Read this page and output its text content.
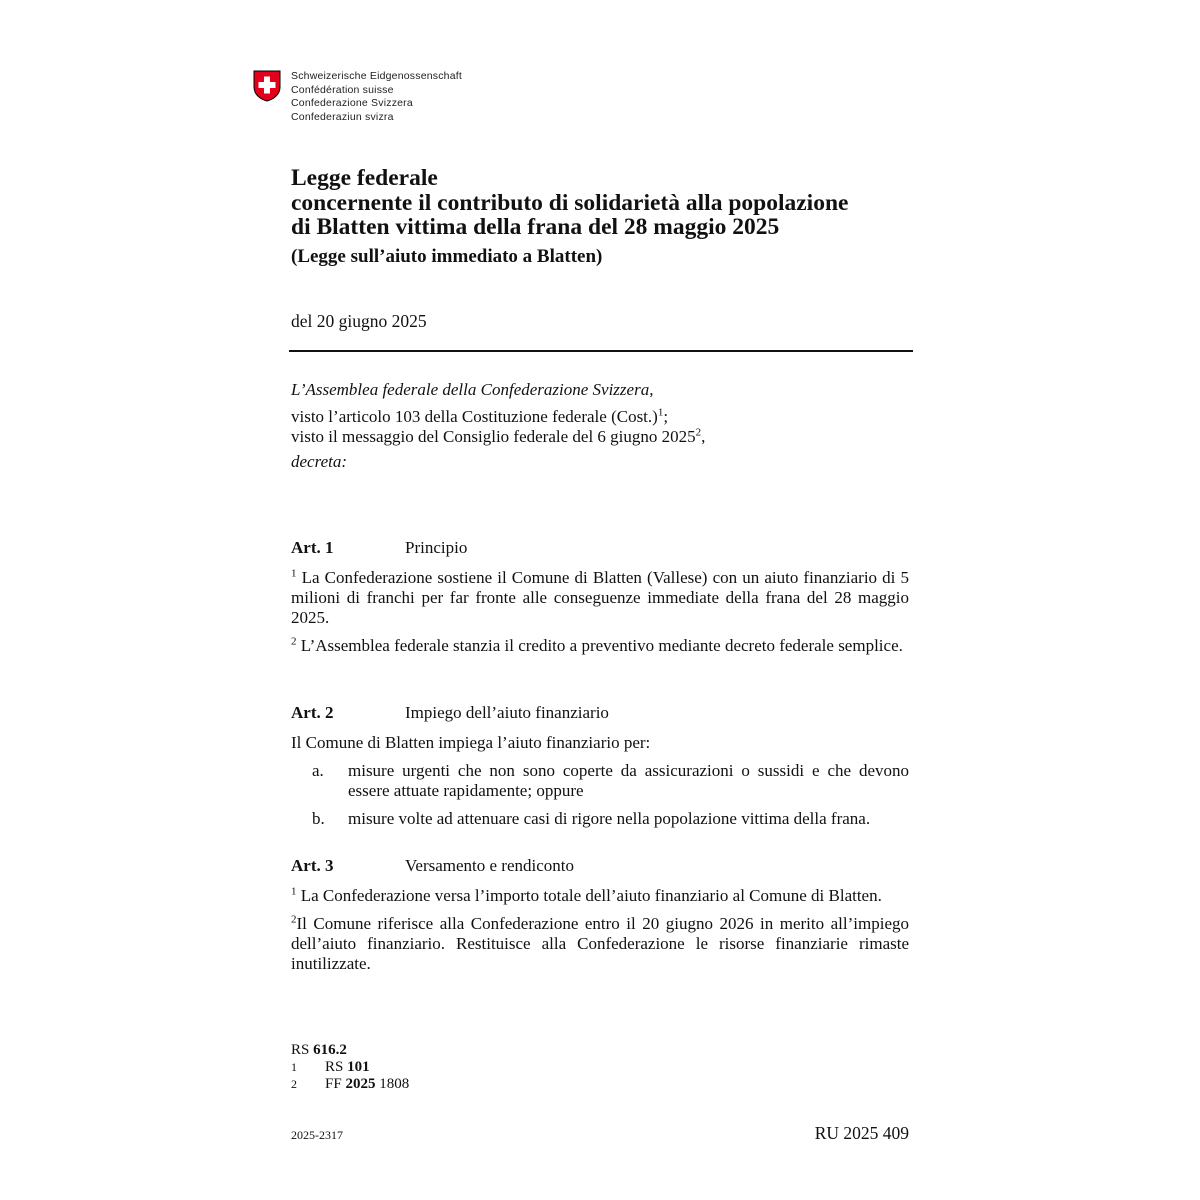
Schweizerische Eidgenossenschaft
Confédération suisse
Confederazione Svizzera
Confederaziun svizra
Legge federale
concernente il contributo di solidarietà alla popolazione
di Blatten vittima della frana del 28 maggio 2025
(Legge sull’aiuto immediato a Blatten)
del 20 giugno 2025
L’Assemblea federale della Confederazione Svizzera,
visto l’articolo 103 della Costituzione federale (Cost.)$^1$;
visto il messaggio del Consiglio federale del 6 giugno 2025$^2$,
decreta:
Art. 1	Principio
$^1$ La Confederazione sostiene il Comune di Blatten (Vallese) con un aiuto finanziario di 5 milioni di franchi per far fronte alle conseguenze immediate della frana del 28 maggio 2025.
$^2$ L’Assemblea federale stanzia il credito a preventivo mediante decreto federale semplice.
Art. 2	Impiego dell’aiuto finanziario
Il Comune di Blatten impiega l’aiuto finanziario per:
a.	misure urgenti che non sono coperte da assicurazioni o sussidi e che devono essere attuate rapidamente; oppure
b.	misure volte ad attenuare casi di rigore nella popolazione vittima della frana.
Art. 3	Versamento e rendiconto
$^1$ La Confederazione versa l’importo totale dell’aiuto finanziario al Comune di Blatten.
$^2$Il Comune riferisce alla Confederazione entro il 20 giugno 2026 in merito all’impiego dell’aiuto finanziario. Restituisce alla Confederazione le risorse finanziarie rimaste inutilizzate.
RS 616.2
1	RS 101
2	FF 2025 1808
2025-2317	RU 2025 409
